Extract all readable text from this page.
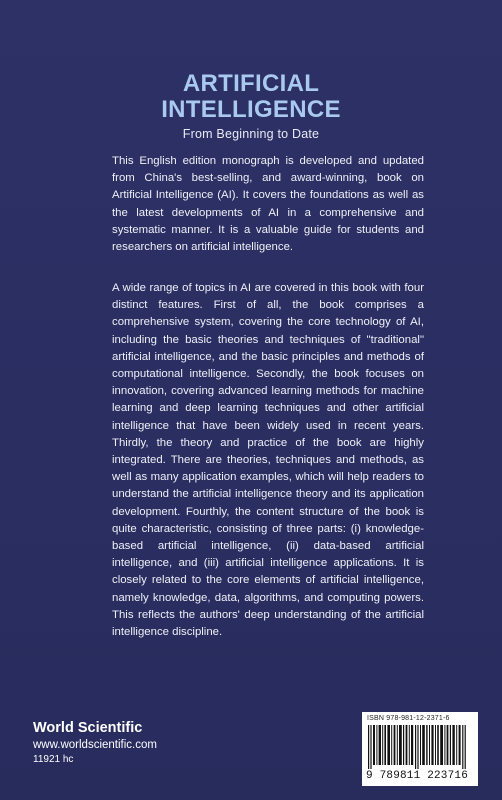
ARTIFICIAL
INTELLIGENCE
From Beginning to Date

This English edition monograph is developed and updated from China's best-selling, and award-winning, book on Artificial Intelligence (AI). It covers the foundations as well as the latest developments of AI in a comprehensive and systematic manner. It is a valuable guide for students and researchers on artificial intelligence.

A wide range of topics in AI are covered in this book with four distinct features. First of all, the book comprises a comprehensive system, covering the core technology of AI, including the basic theories and techniques of "traditional" artificial intelligence, and the basic principles and methods of computational intelligence. Secondly, the book focuses on innovation, covering advanced learning methods for machine learning and deep learning techniques and other artificial intelligence that have been widely used in recent years. Thirdly, the theory and practice of the book are highly integrated. There are theories, techniques and methods, as well as many application examples, which will help readers to understand the artificial intelligence theory and its application development. Fourthly, the content structure of the book is quite characteristic, consisting of three parts: (i) knowledge-based artificial intelligence, (ii) data-based artificial intelligence, and (iii) artificial intelligence applications. It is closely related to the core elements of artificial intelligence, namely knowledge, data, algorithms, and computing powers. This reflects the authors' deep understanding of the artificial intelligence discipline.

World Scientific
www.worldscientific.com
11921 hc
ISBN 978-981-12-2371-6
9 789811 223716
